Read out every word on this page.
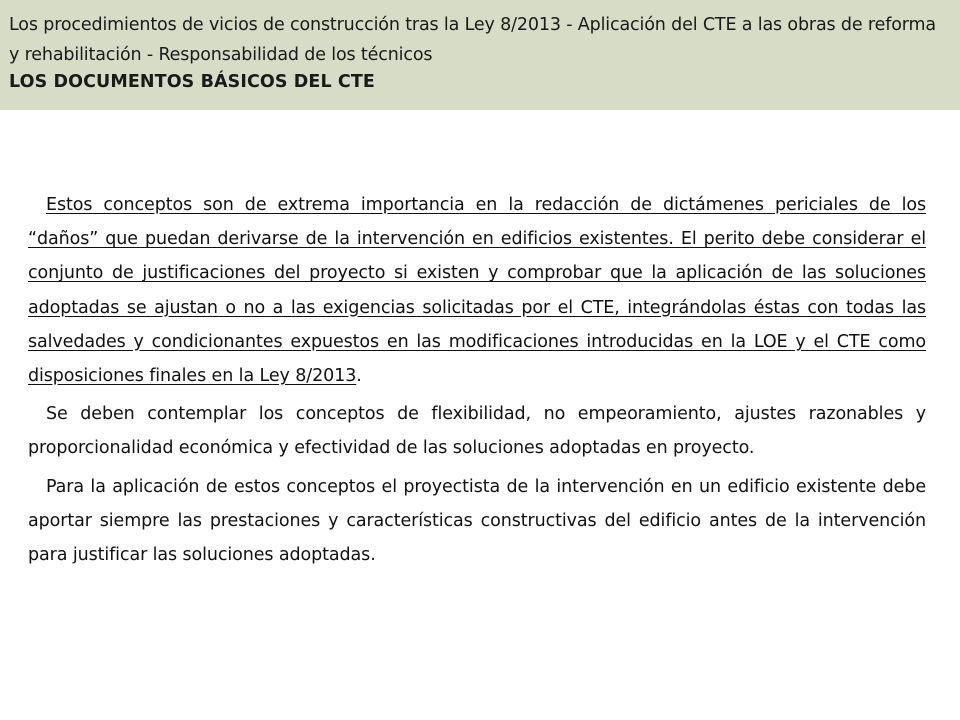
Los procedimientos de vicios de construcción tras la Ley 8/2013 - Aplicación del CTE a las obras de reforma y rehabilitación - Responsabilidad de los técnicos
LOS DOCUMENTOS BÁSICOS DEL CTE

Estos conceptos son de extrema importancia en la redacción de dictámenes periciales de los “daños” que puedan derivarse de la intervención en edificios existentes. El perito debe considerar el conjunto de justificaciones del proyecto si existen y comprobar que la aplicación de las soluciones adoptadas se ajustan o no a las exigencias solicitadas por el CTE, integrándolas éstas con todas las salvedades y condicionantes expuestos en las modificaciones introducidas en la LOE y el CTE como disposiciones finales en la Ley 8/2013.

Se deben contemplar los conceptos de flexibilidad, no empeoramiento, ajustes razonables y proporcionalidad económica y efectividad de las soluciones adoptadas en proyecto.

Para la aplicación de estos conceptos el proyectista de la intervención en un edificio existente debe aportar siempre las prestaciones y características constructivas del edificio antes de la intervención para justificar las soluciones adoptadas.
